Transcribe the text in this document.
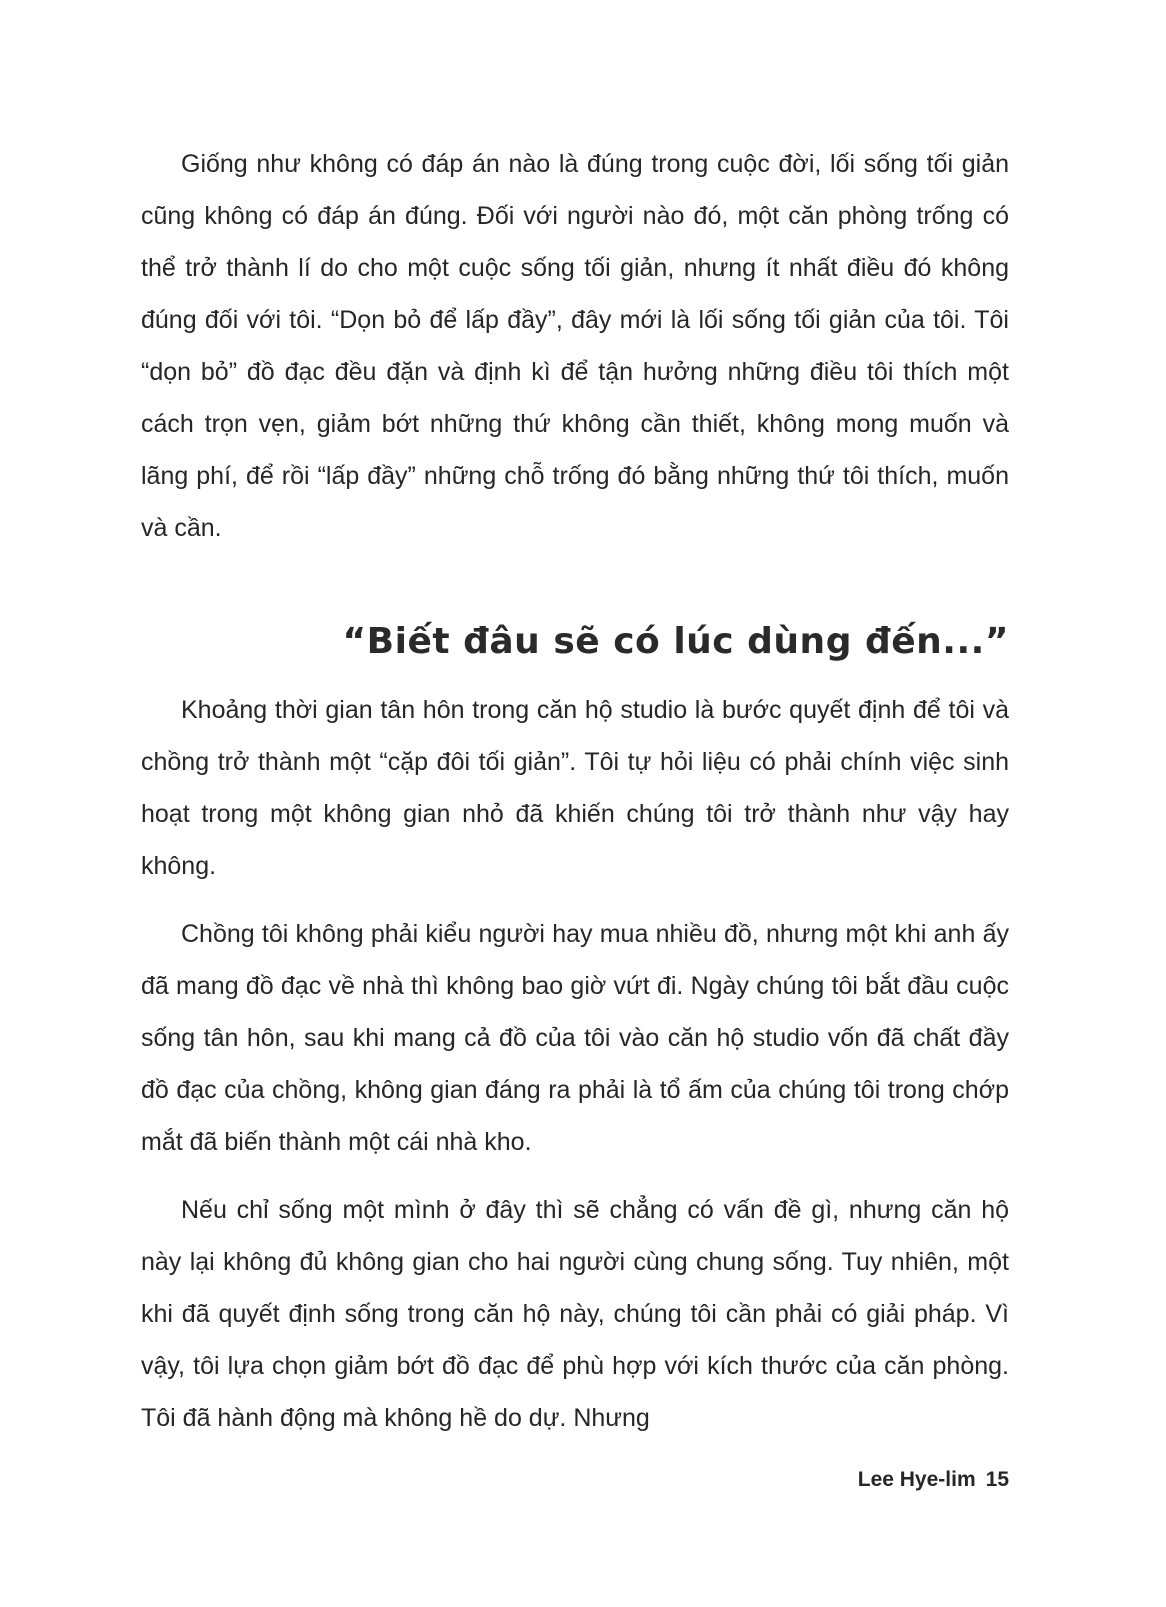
Giống như không có đáp án nào là đúng trong cuộc đời, lối sống tối giản cũng không có đáp án đúng. Đối với người nào đó, một căn phòng trống có thể trở thành lí do cho một cuộc sống tối giản, nhưng ít nhất điều đó không đúng đối với tôi. “Dọn bỏ để lấp đầy”, đây mới là lối sống tối giản của tôi. Tôi “dọn bỏ” đồ đạc đều đặn và định kì để tận hưởng những điều tôi thích một cách trọn vẹn, giảm bớt những thứ không cần thiết, không mong muốn và lãng phí, để rồi “lấp đầy” những chỗ trống đó bằng những thứ tôi thích, muốn và cần.

“Biết đâu sẽ có lúc dùng đến...”

Khoảng thời gian tân hôn trong căn hộ studio là bước quyết định để tôi và chồng trở thành một “cặp đôi tối giản”. Tôi tự hỏi liệu có phải chính việc sinh hoạt trong một không gian nhỏ đã khiến chúng tôi trở thành như vậy hay không.

Chồng tôi không phải kiểu người hay mua nhiều đồ, nhưng một khi anh ấy đã mang đồ đạc về nhà thì không bao giờ vứt đi. Ngày chúng tôi bắt đầu cuộc sống tân hôn, sau khi mang cả đồ của tôi vào căn hộ studio vốn đã chất đầy đồ đạc của chồng, không gian đáng ra phải là tổ ấm của chúng tôi trong chớp mắt đã biến thành một cái nhà kho.

Nếu chỉ sống một mình ở đây thì sẽ chẳng có vấn đề gì, nhưng căn hộ này lại không đủ không gian cho hai người cùng chung sống. Tuy nhiên, một khi đã quyết định sống trong căn hộ này, chúng tôi cần phải có giải pháp. Vì vậy, tôi lựa chọn giảm bớt đồ đạc để phù hợp với kích thước của căn phòng. Tôi đã hành động mà không hề do dự. Nhưng

Lee Hye-lim 15
